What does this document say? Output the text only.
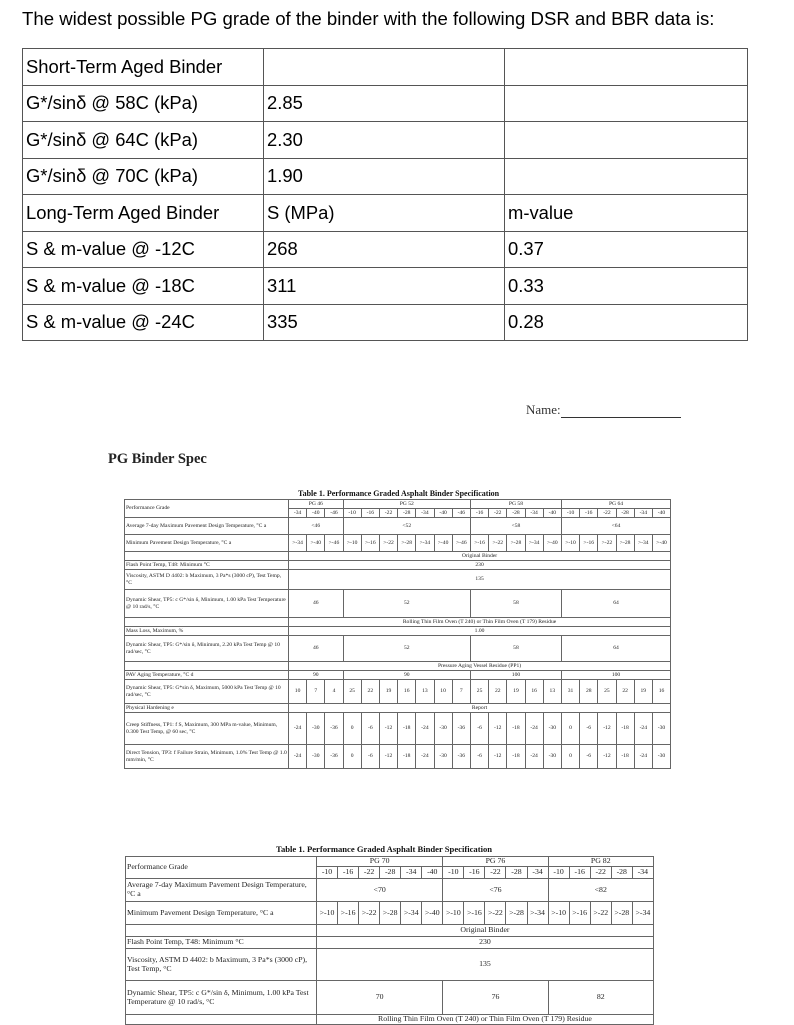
The widest possible PG grade of the binder with the following DSR and BBR data is:
Short-Term Aged Binder		
G*/sinδ @ 58C (kPa)	2.85	
G*/sinδ @ 64C (kPa)	2.30	
G*/sinδ @ 70C (kPa)	1.90	
Long-Term Aged Binder	S (MPa)	m-value
S & m-value @ -12C	268	0.37
S & m-value @ -18C	311	0.33
S & m-value @ -24C	335	0.28
Name:
PG Binder Spec
Table 1. Performance Graded Asphalt Binder Specification
Performance Grade	PG 46			PG 52							PG 58					PG 64					
	-34	-40	-46	-10	-16	-22	-28	-34	-40	-46	-16	-22	-28	-34	-40	-10	-16	-22	-28	-34	-40
Average 7-day Maximum Pavement Design Temperature, °C a	<46			<52							<58					<64					
Minimum Pavement Design Temperature, °C a	>-34	>-40	>-46	>-10	>-16	>-22	>-28	>-34	>-40	>-46	>-16	>-22	>-28	>-34	>-40	>-10	>-16	>-22	>-28	>-34	>-40
	Original Binder																				
Flash Point Temp, T48: Minimum °C	230																				
Viscosity, ASTM D 4402: b Maximum, 3 Pa*s (3000 cP), Test Temp, °C	135																				
Dynamic Shear, TP5: c G*/sin δ, Minimum, 1.00 kPa Test Temperature @ 10 rad/s, °C	46			52							58					64					
	Rolling Thin Film Oven (T 240) or Thin Film Oven (T 179) Residue																				
Mass Loss, Maximum, %	1.00																				
Dynamic Shear, TP5: G*/sin δ, Minimum, 2.20 kPa Test Temp @ 10 rad/sec, °C	46			52							58					64					
	Pressure Aging Vessel Residue (PP1)																				
PAV Aging Temperature, °C d	90			90							100					100					
Dynamic Shear, TP5: G*sin δ, Maximum, 5000 kPa Test Temp @ 10 rad/sec, °C	10	7	4	25	22	19	16	13	10	7	25	22	19	16	13	31	28	25	22	19	16
Physical Hardening e	Report																				
Creep Stiffness, TP1: f S, Maximum, 300 MPa m-value, Minimum, 0.300 Test Temp, @ 60 sec, °C	-24	-30	-36	0	-6	-12	-18	-24	-30	-36	-6	-12	-18	-24	-30	0	-6	-12	-18	-24	-30
Direct Tension, TP3: f Failure Strain, Minimum, 1.0% Test Temp @ 1.0 mm/min, °C	-24	-30	-36	0	-6	-12	-18	-24	-30	-36	-6	-12	-18	-24	-30	0	-6	-12	-18	-24	-30
Table 1. Performance Graded Asphalt Binder Specification
Performance Grade	PG 70						PG 76					PG 82				
	-10	-16	-22	-28	-34	-40	-10	-16	-22	-28	-34	-10	-16	-22	-28	-34
Average 7-day Maximum Pavement Design Temperature, °C a	<70						<76					<82				
Minimum Pavement Design Temperature, °C a	>-10	>-16	>-22	>-28	>-34	>-40	>-10	>-16	>-22	>-28	>-34	>-10	>-16	>-22	>-28	>-34
	Original Binder															
Flash Point Temp, T48: Minimum °C	230															
Viscosity, ASTM D 4402: b Maximum, 3 Pa*s (3000 cP), Test Temp, °C	135															
Dynamic Shear, TP5: c G*/sin δ, Minimum, 1.00 kPa Test Temperature @ 10 rad/s, °C	70						76					82				
	Rolling Thin Film Oven (T 240) or Thin Film Oven (T 179) Residue															
